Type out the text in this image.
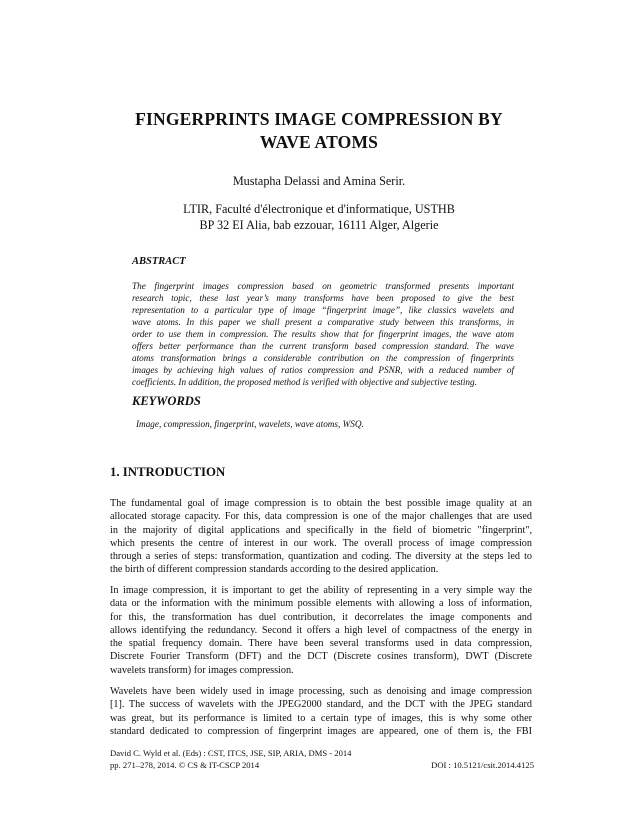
FINGERPRINTS IMAGE COMPRESSION BY
WAVE ATOMS
Mustapha Delassi and Amina Serir.
LTIR, Faculté d'électronique et d'informatique, USTHB
BP 32 EI Alia, bab ezzouar, 16111 Alger, Algerie
ABSTRACT
The fingerprint images compression based on geometric transformed presents important
research topic, these last year’s many transforms have been proposed to give the best
representation to a particular type of image “fingerprint image”, like classics wavelets and
wave atoms. In this paper we shall present a comparative study between this transforms, in
order to use them in compression. The results show that for fingerprint images, the wave atom
offers better performance than the current transform based compression standard. The wave
atoms transformation brings a considerable contribution on the compression of fingerprints
images by achieving high values of ratios compression and PSNR, with a reduced number of
coefficients. In addition, the proposed method is verified with objective and subjective testing.
KEYWORDS
Image, compression, fingerprint, wavelets, wave atoms, WSQ.
1. INTRODUCTION
The fundamental goal of image compression is to obtain the best possible image quality at an
allocated storage capacity. For this, data compression is one of the major challenges that are used
in the majority of digital applications and specifically in the field of biometric "fingerprint",
which presents the centre of interest in our work. The overall process of image compression
through a series of steps: transformation, quantization and coding. The diversity at the steps led to
the birth of different compression standards according to the desired application.
In image compression, it is important to get the ability of representing in a very simple way the
data or the information with the minimum possible elements with allowing a loss of information,
for this, the transformation has duel contribution, it decorrelates the image components and
allows identifying the redundancy. Second it offers a high level of compactness of the energy in
the spatial frequency domain. There have been several transforms used in data compression,
Discrete Fourier Transform (DFT) and the DCT (Discrete cosines transform), DWT (Discrete
wavelets transform) for images compression.
Wavelets have been widely used in image processing, such as denoising and image compression
[1]. The success of wavelets with the JPEG2000 standard, and the DCT with the JPEG standard
was great, but its performance is limited to a certain type of images, this is why some other
standard dedicated to compression of fingerprint images are appeared, one of them is, the FBI
David C. Wyld et al. (Eds) : CST, ITCS, JSE, SIP, ARIA, DMS - 2014
pp. 271–278, 2014. © CS & IT-CSCP 2014	DOI : 10.5121/csit.2014.4125
